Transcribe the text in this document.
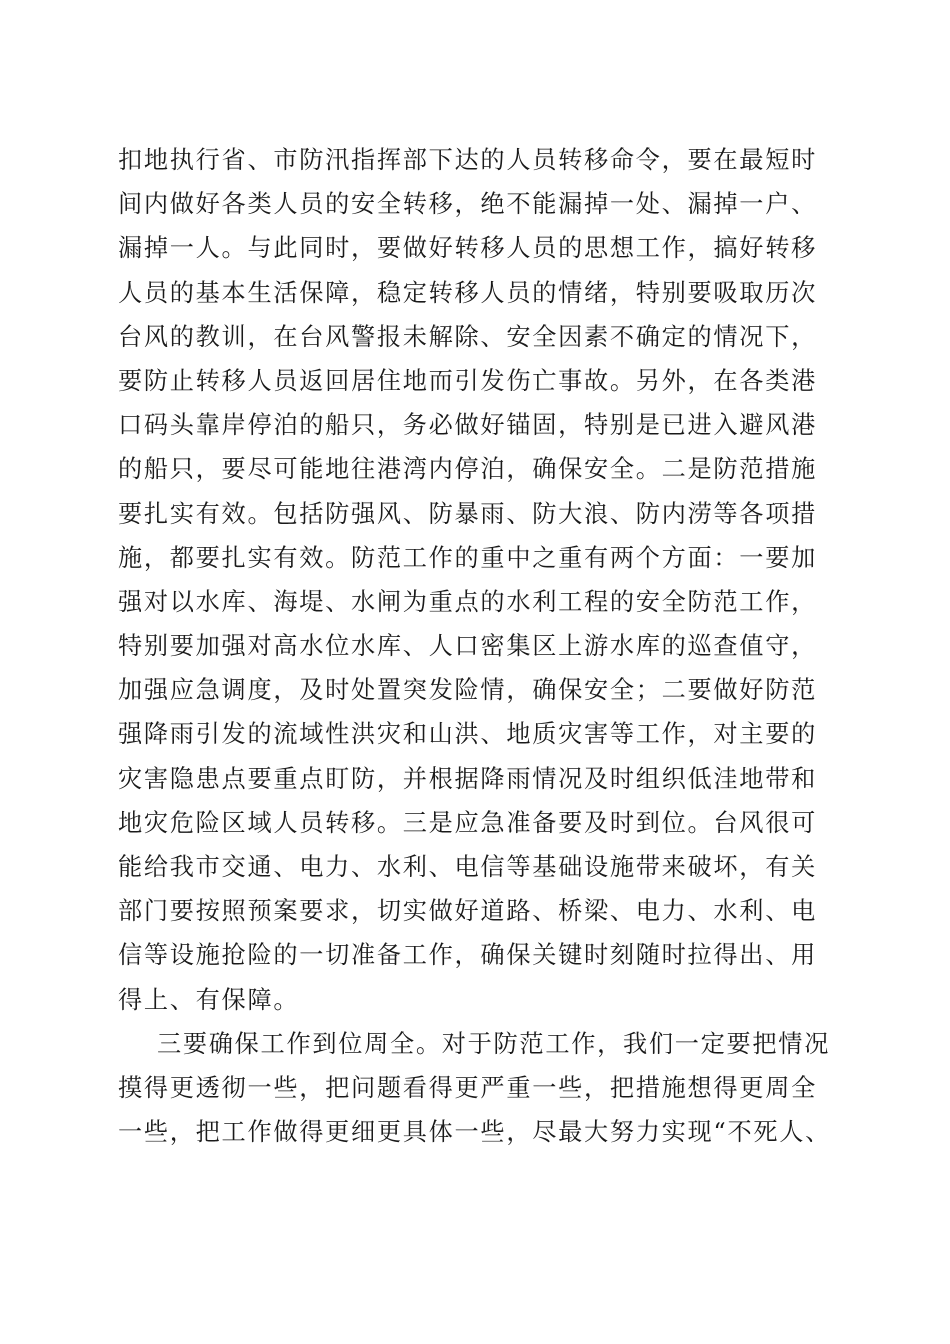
扣地执行省、市防汛指挥部下达的人员转移命令，要在最短时
间内做好各类人员的安全转移，绝不能漏掉一处、漏掉一户、
漏掉一人。与此同时，要做好转移人员的思想工作，搞好转移
人员的基本生活保障，稳定转移人员的情绪，特别要吸取历次
台风的教训，在台风警报未解除、安全因素不确定的情况下，
要防止转移人员返回居住地而引发伤亡事故。另外，在各类港
口码头靠岸停泊的船只，务必做好锚固，特别是已进入避风港
的船只，要尽可能地往港湾内停泊，确保安全。二是防范措施
要扎实有效。包括防强风、防暴雨、防大浪、防内涝等各项措
施，都要扎实有效。防范工作的重中之重有两个方面：一要加
强对以水库、海堤、水闸为重点的水利工程的安全防范工作，
特别要加强对高水位水库、人口密集区上游水库的巡查值守，
加强应急调度，及时处置突发险情，确保安全；二要做好防范
强降雨引发的流域性洪灾和山洪、地质灾害等工作，对主要的
灾害隐患点要重点盯防，并根据降雨情况及时组织低洼地带和
地灾危险区域人员转移。三是应急准备要及时到位。台风很可
能给我市交通、电力、水利、电信等基础设施带来破坏，有关
部门要按照预案要求，切实做好道路、桥梁、电力、水利、电
信等设施抢险的一切准备工作，确保关键时刻随时拉得出、用
得上、有保障。
三要确保工作到位周全。对于防范工作，我们一定要把情况
摸得更透彻一些，把问题看得更严重一些，把措施想得更周全
一些，把工作做得更细更具体一些，尽最大努力实现“不死人、
